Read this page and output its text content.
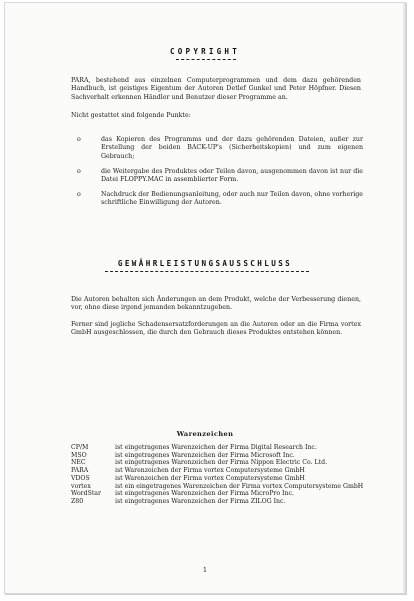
COPYRIGHT

PARA, bestehend aus einzelnen Computerprogrammen und dem dazu gehörenden Handbuch, ist geistiges Eigentum der Autoren Detlef Gunkel und Peter Höpfner. Diesen Sachverhalt erkennen Händler und Benutzer dieser Programme an.

Nicht gestattet sind folgende Punkte:

o	das Kopieren des Programms und der dazu gehörenden Dateien, außer zur Erstellung der beiden BACK-UP's (Sicherheitskopien) und zum eigenen Gebrauch;
o	die Weitergabe des Produktes oder Teilen davon, ausgenommen davon ist nur die Datei FLOPPY.MAC in assemblierter Form.
o	Nachdruck der Bedienungsanleitung, oder auch nur Teilen davon, ohne vorherige schriftliche Einwilligung der Autoren.
GEWÄHRLEISTUNGSAUSSCHLUSS

Die Autoren behalten sich Änderungen an dem Produkt, welche der Verbesserung dienen, vor, ohne diese irgend jemanden bekanntzugeben.

Ferner sind jegliche Schadensersatzforderungen an die Autoren oder an die Firma vortex GmbH ausgeschlossen, die durch den Gebrauch dieses Produktes entstehen können.

Warenzeichen
CP/M	ist eingetragenes Warenzeichen der Firma Digital Research Inc.
MSO	ist eingetragenes Warenzeichen der Firma Microsoft Inc.
NEC	ist eingetragenes Warenzeichen der Firma Nippon Electric Co. Ltd.
PARA	ist Warenzeichen der Firma vortex Computersysteme GmbH
VDOS	ist Warenzeichen der Firma vortex Computersysteme GmbH
vortex	ist ein eingetragenes Warenzeichen der Firma vortex Computersysteme GmbH
WordStar	ist eingetragenes Warenzeichen der Firma MicroPro Inc.
Z80	ist eingetragenes Warenzeichen der Firma ZILOG Inc.
1
